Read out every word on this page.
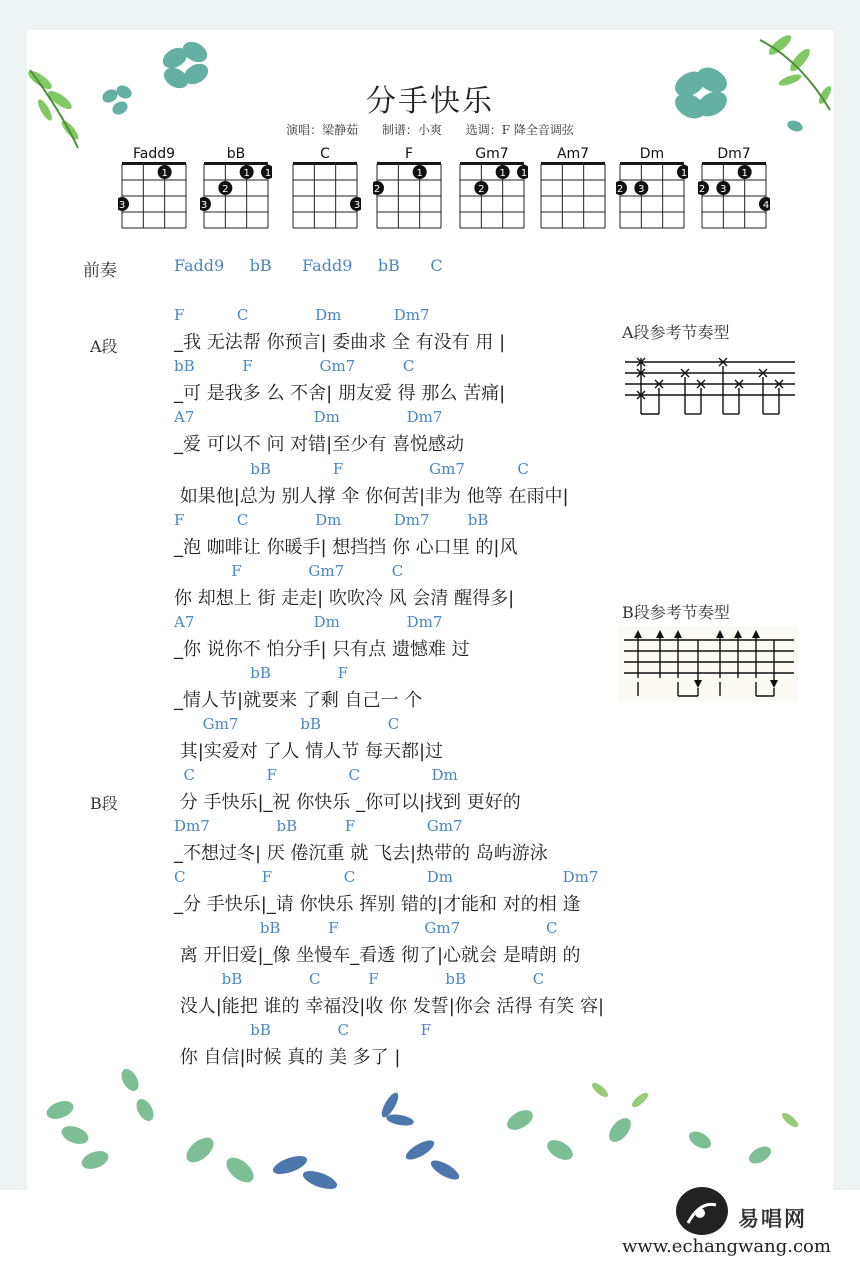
分手快乐
演唱：梁静茹 制谱：小爽 选调：F 降全音调弦
Fadd9
1
3
bB
1 1
2
3
C
3
F
1
2
Gm7
1 1
2
Am7	Dm
1
2 3
Dm7
1
2 3
4
前奏	Fadd9     bB      Fadd9     bB      C
A段
B段
F           C              Dm           Dm7
_我 无法帮 你预言| 委曲求 全 有没有 用 |
bB          F              Gm7          C
_可 是我多 么 不舍| 朋友爱 得 那么 苦痛|
A7                         Dm              Dm7
_爱 可以不 问 对错|至少有 喜悦感动
bB             F                  Gm7           C
如果他|总为 别人撑 伞 你何苦|非为 他等 在雨中|
F           C              Dm           Dm7        bB
_泡 咖啡让 你暖手| 想挡挡 你 心口里 的|风
F              Gm7          C
你 却想上 街 走走| 吹吹冷 风 会清 醒得多|
A7                         Dm              Dm7
_你 说你不 怕分手| 只有点 遗憾难 过
bB              F
_情人节|就要来 了剩 自己一 个
Gm7             bB              C
其|实爱对 了人 情人节 每天都|过
C               F               C               Dm
分 手快乐|_祝 你快乐 _你可以|找到 更好的
Dm7              bB          F               Gm7
_不想过冬| 厌 倦沉重 就 飞去|热带的 岛屿游泳
C                F               C               Dm                       Dm7
_分 手快乐|_请 你快乐 挥别 错的|才能和 对的相 逢
bB          F                  Gm7                  C
离 开旧爱|_像 坐慢车_看透 彻了|心就会 是晴朗 的
bB              C          F              bB              C
没人|能把 谁的 幸福没|收 你 发誓|你会 活得 有笑 容|
bB              C               F
你 自信|时候 真的 美 多了 |
A段参考节奏型
B段参考节奏型
易唱网
www.echangwang.com
